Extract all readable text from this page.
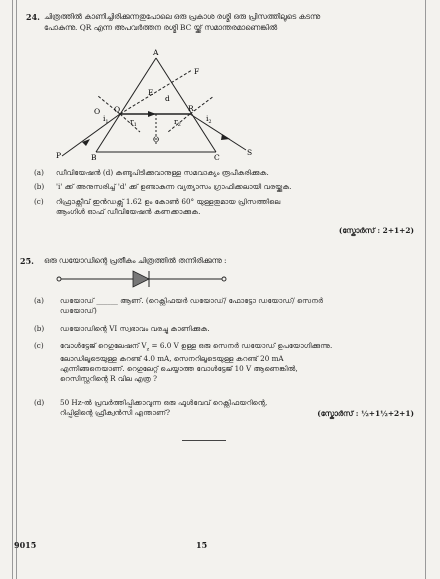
24. ചിത്രത്തിൽ കാണിച്ചിരിക്കുന്നതുപോലെ ഒരു പ്രകാശ രശ്മി ഒരു പ്രിസത്തിലൂടെ കടന്നു
പോകുന്നു. QR എന്ന അപവർത്തന രശ്മി BC യ്ക്ക് സമാന്തരമാണെങ്കിൽ
A
E
F
d
Q	R
$i_1$	$i_2$
$r_1$	$r_2$
O
O
P	B	C
S
(a) ഡീവിയേഷൻ (d) കണ്ടുപിടിക്കുവാനുള്ള സമവാക്യം രൂപീകരിക്കുക.
(b) 'i' ക്ക് അനുസരിച്ച് 'd' ക്ക് ഉണ്ടാകുന്ന വ്യത്യാസം ഗ്രാഫിക്കലായി വരയ്ക്കുക.
(c) റിഫ്രാക്റ്റീവ് ഇൻഡക്സ് 1.62 ഉം കോൺ 60° യുള്ളതുമായ പ്രിസത്തിലെ
ആംഗിൾ ഓഫ് ഡീവിയേഷൻ കണക്കാക്കുക.
(സ്കോർസ് : 2+1+2)
25. ഒരു ഡയോഡിന്റെ പ്രതീകം ചിത്രത്തിൽ തന്നിരിക്കുന്നു :
(a) ഡയോഡ് ______ ആണ്. (റെക്റ്റിഫയർ ഡയോഡ്/ ഫോട്ടോ ഡയോഡ്/ സെനർ
ഡയോഡ്)
(b) ഡയോഡിന്റെ VI സ്വഭാവം വരച്ചു കാണിക്കുക.
(c) വോൾട്ടേജ് റെഗുലേഷന് $V_z = 6.0$ V ഉള്ള ഒരു സെനർ ഡയോഡ് ഉപയോഗിക്കുന്നു.
ലോഡിലൂടെയുള്ള കറണ്ട് 4.0 mA, സെനറിലൂടെയുള്ള കറണ്ട് 20 mA
എന്നിങ്ങനെയാണ്. റെഗുലേറ്റ് ചെയ്യാത്ത വോൾട്ടേജ് 10 V ആണെങ്കിൽ,
റെസിസ്റ്ററിന്റെ R വില എത്ര ?
(d) 50 Hz-ൽ പ്രവർത്തിപ്പിക്കാവുന്ന ഒരു ഫുൾവേവ് റെക്റ്റിഫയറിന്റെ,
റിപ്പിളിന്റെ ഫ്രീക്വൻസി എന്താണ്?	(സ്കോർസ് : ½+1½+2+1)
9015	15
